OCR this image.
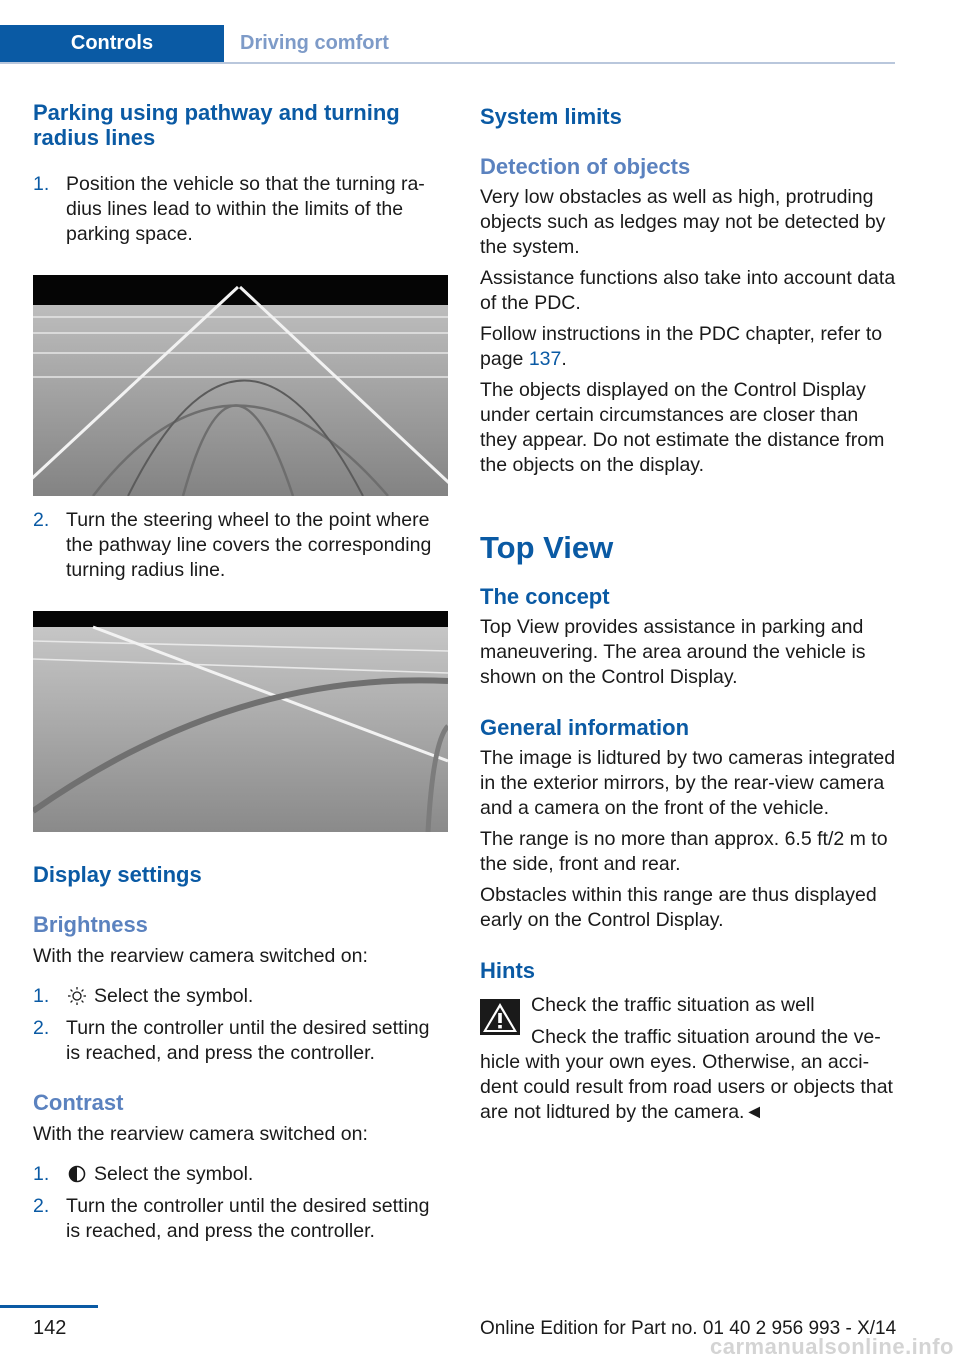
Controls	Driving comfort
Parking using pathway and turning radius lines
1. Position the vehicle so that the turning ra‐dius lines lead to within the limits of the parking space.
2. Turn the steering wheel to the point where the pathway line covers the corresponding turning radius line.
Display settings
Brightness

With the rearview camera switched on:

1.	Select the symbol.
2. Turn the controller until the desired setting is reached, and press the controller.
Contrast

With the rearview camera switched on:

1.	Select the symbol.
2. Turn the controller until the desired setting is reached, and press the controller.
System limits
Detection of objects

Very low obstacles as well as high, protruding objects such as ledges may not be detected by the system.

Assistance functions also take into account data of the PDC.

Follow instructions in the PDC chapter, refer to page 137.

The objects displayed on the Control Display under certain circumstances are closer than they appear. Do not estimate the distance from the objects on the display.

Top View
The concept

Top View provides assistance in parking and maneuvering. The area around the vehicle is shown on the Control Display.

General information

The image is lidtured by two cameras integrated in the exterior mirrors, by the rear‐view camera and a camera on the front of the vehicle.

The range is no more than approx. 6.5 ft/2 m to the side, front and rear.

Obstacles within this range are thus displayed early on the Control Display.

Hints

Check the traffic situation as well

Check the traffic situation around the ve‐

hicle with your own eyes. Otherwise, an acci‐dent could result from road users or objects that are not lidtured by the camera.◄

142	Online Edition for Part no. 01 40 2 956 993 - X/14
carmanualsonline.info
